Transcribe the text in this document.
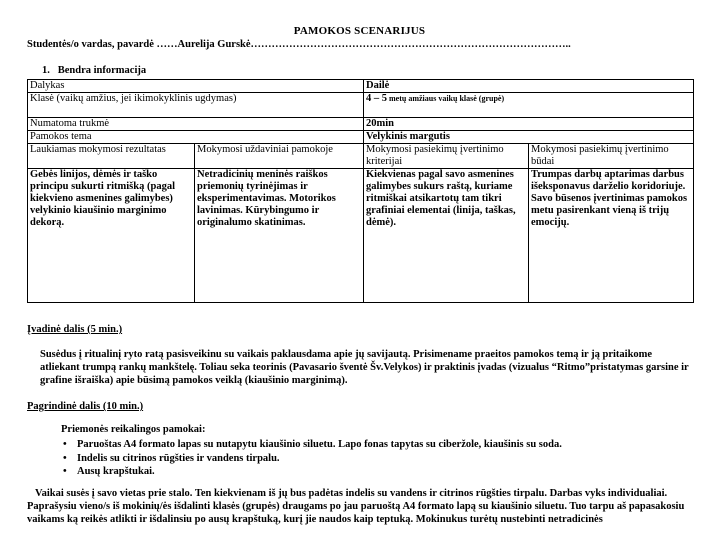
PAMOKOS SCENARIJUS
Studentės/o vardas, pavardė ……Aurelija Gurskė………………………………………………………………………………..
1. Bendra informacija
Dalykas		Dailė	
Klasė (vaikų amžius, jei ikimokyklinis ugdymas)		4 – 5 metų amžiaus vaikų klasė (grupė)	
Numatoma trukmė		20min	
Pamokos tema		Velykinis margutis	
Laukiamas mokymosi rezultatas	Mokymosi uždaviniai pamokoje	Mokymosi pasiekimų įvertinimo kriterijai	Mokymosi pasiekimų įvertinimo būdai
Gebės linijos, dėmės ir taško principu sukurti ritmišką (pagal kiekvieno asmenines galimybes) velykinio kiaušinio marginimo dekorą.	Netradicinių meninės raiškos priemonių tyrinėjimas ir eksperimentavimas. Motorikos lavinimas. Kūrybingumo ir originalumo skatinimas.	Kiekvienas pagal savo asmenines galimybes sukurs raštą, kuriame ritmiškai atsikartotų tam tikri grafiniai elementai (linija, taškas, dėmė).	Trumpas darbų aptarimas darbus išeksponavus darželio koridoriuje. Savo būsenos įvertinimas pamokos metu pasirenkant vieną iš trijų emocijų.
Įvadinė dalis (5 min.)
Susėdus į ritualinį ryto ratą pasisveikinu su vaikais paklausdama apie jų savijautą. Prisimename praeitos pamokos temą ir ją pritaikome atliekant trumpą rankų mankštelę. Toliau seka teorinis (Pavasario šventė Šv.Velykos) ir praktinis įvadas (vizualus “Ritmo”pristatymas garsine ir grafine išraiška) apie būsimą pamokos veiklą (kiaušinio marginimą).
Pagrindinė dalis (10 min.)
Priemonės reikalingos pamokai:
• Paruoštas A4 formato lapas su nutapytu kiaušinio siluetu. Lapo fonas tapytas su ciberžole, kiaušinis su soda.
• Indelis su citrinos rūgšties ir vandens tirpalu.
• Ausų krapštukai.
Vaikai susės į savo vietas prie stalo. Ten kiekvienam iš jų bus padėtas indelis su vandens ir citrinos rūgšties tirpalu. Darbas vyks individualiai. Paprašysiu vieno/s iš mokinių/ės išdalinti klasės (grupės) draugams po jau paruoštą A4 formato lapą su kiaušinio siluetu. Tuo tarpu aš papasakosiu vaikams ką reikės atlikti ir išdalinsiu po ausų krapštuką, kurį jie naudos kaip teptuką. Mokinukus turėtų nustebinti netradicinės
